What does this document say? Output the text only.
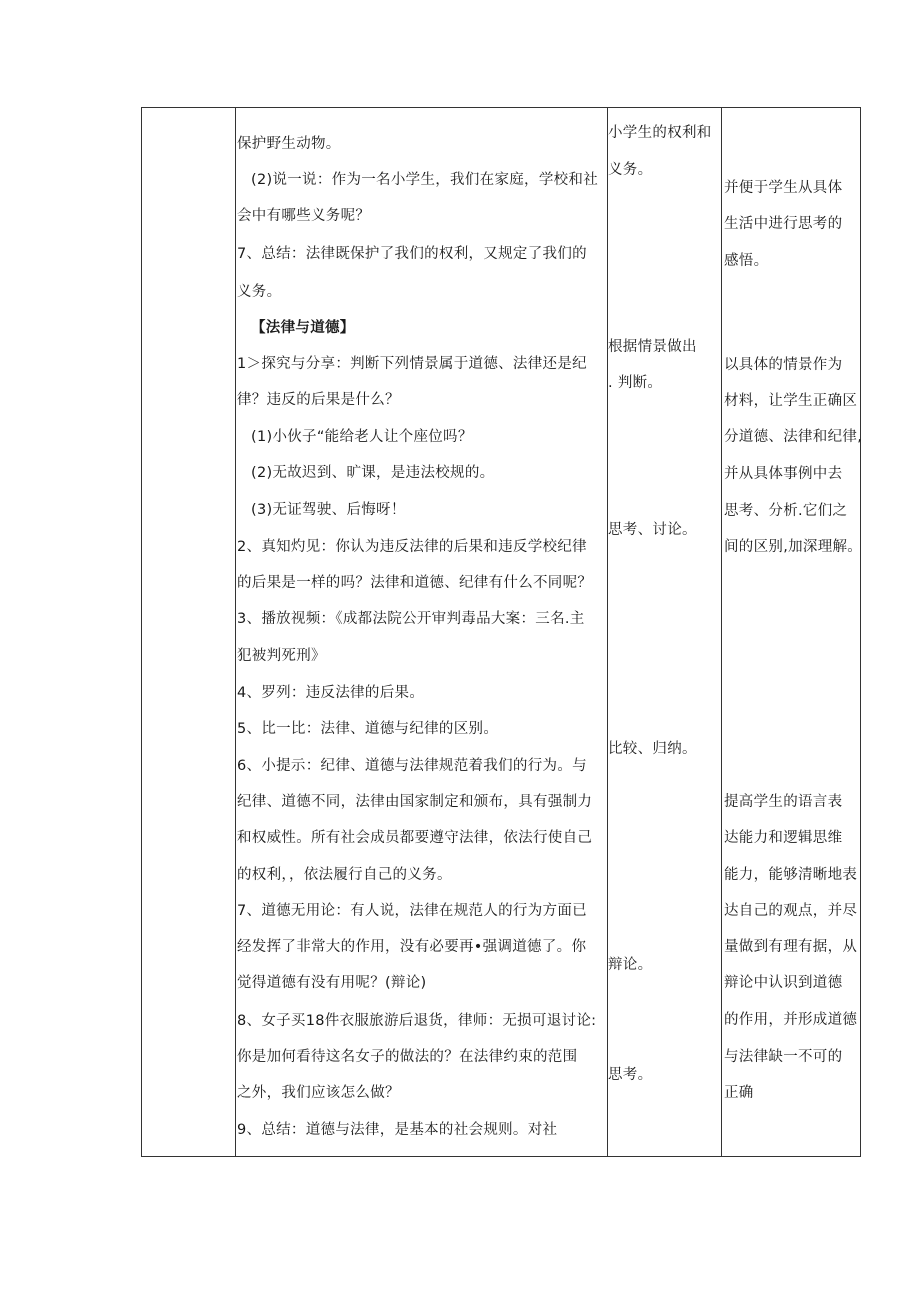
保护野生动物。
(2)说一说：作为一名小学生，我们在家庭，学校和社
会中有哪些义务呢？
7、总结：法律既保护了我们的权利，又规定了我们的
义务。
【法律与道德】
1＞探究与分享：判断下列情景属于道德、法律还是纪
律？违反的后果是什么？
(1)小伙子“能给老人让个座位吗？
(2)无故迟到、旷课，是违法校规的。
(3)无证驾驶、后悔呀！
2、真知灼见：你认为违反法律的后果和违反学校纪律
的后果是一样的吗？法律和道德、纪律有什么不同呢？
3、播放视频：《成都法院公开审判毒品大案：三名.主
犯被判死刑》
4、罗列：违反法律的后果。
5、比一比：法律、道德与纪律的区别。
6、小提示：纪律、道德与法律规范着我们的行为。与
纪律、道德不同，法律由国家制定和颁布，具有强制力
和权威性。所有社会成员都要遵守法律，依法行使自己
的权利，，依法履行自己的义务。
7、道德无用论：有人说，法律在规范人的行为方面已
经发挥了非常大的作用，没有必要再•强调道德了。你
觉得道德有没有用呢？(辩论)
8、女子买18件衣服旅游后退货，律师：无损可退讨论:
你是加何看待这名女子的做法的？在法律约束的范围
之外，我们应该怎么做？
9、总结：道德与法律，是基本的社会规则。对社
小学生的权利和
义务。
根据情景做出
. 判断。
思考、讨论。
比较、归纳。
辩论。
思考。
并便于学生从具体
生活中进行思考的
感悟。
以具体的情景作为
材料，让学生正确区
分道德、法律和纪律,
并从具体事例中去
思考、分析.它们之
间的区别,加深理解。
提高学生的语言表
达能力和逻辑思维
能力，能够清晰地表
达自己的观点，并尽
量做到有理有据，从
辩论中认识到道德
的作用，并形成道德
与法律缺一不可的
正确
